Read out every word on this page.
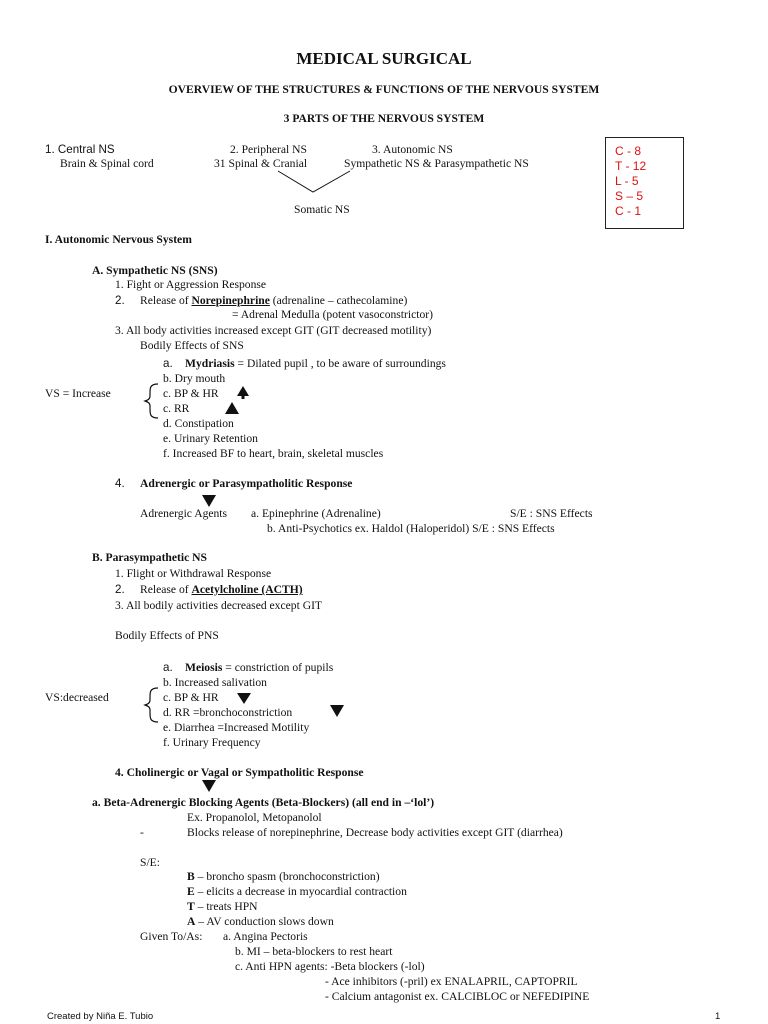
MEDICAL SURGICAL
OVERVIEW OF THE STRUCTURES & FUNCTIONS OF THE NERVOUS SYSTEM
3 PARTS OF THE NERVOUS SYSTEM
1. Central NS
Brain & Spinal cord
2. Peripheral NS
31 Spinal & Cranial
3. Autonomic NS
Sympathetic NS & Parasympathetic NS
Somatic NS
C - 8
T - 12
L - 5
S – 5
C - 1
I. Autonomic Nervous System
A. Sympathetic NS (SNS)
1. Fight or Aggression Response
2. Release of Norepinephrine (adrenaline – cathecolamine)
= Adrenal Medulla (potent vasoconstrictor)
3. All body activities increased except GIT (GIT decreased motility)
Bodily Effects of SNS
a. Mydriasis = Dilated pupil , to be aware of surroundings
b. Dry mouth
c. BP & HR
c. RR
d. Constipation
e. Urinary Retention
f. Increased BF to heart, brain, skeletal muscles
VS = Increase
4. Adrenergic or Parasympatholitic Response
Adrenergic Agents a. Epinephrine (Adrenaline)	S/E : SNS Effects
b. Anti-Psychotics ex. Haldol (Haloperidol) S/E : SNS Effects
B. Parasympathetic NS
1. Flight or Withdrawal Response
2. Release of Acetylcholine (ACTH)
3. All bodily activities decreased except GIT
Bodily Effects of PNS
a. Meiosis = constriction of pupils
b. Increased salivation
c. BP & HR
d. RR =bronchoconstriction
e. Diarrhea =Increased Motility
f. Urinary Frequency
VS:decreased
4. Cholinergic or Vagal or Sympatholitic Response
a. Beta-Adrenergic Blocking Agents (Beta-Blockers) (all end in –‘lol’)
Ex. Propanolol, Metopanolol
-	Blocks release of norepinephrine, Decrease body activities except GIT (diarrhea)
S/E:
B – broncho spasm (bronchoconstriction)
E – elicits a decrease in myocardial contraction
T – treats HPN
A – AV conduction slows down
Given To/As: a. Angina Pectoris
b. MI – beta-blockers to rest heart
c. Anti HPN agents: -Beta blockers (-lol)
- Ace inhibitors (-pril) ex ENALAPRIL, CAPTOPRIL
- Calcium antagonist ex. CALCIBLOC or NEFEDIPINE
Created by Niña E. Tubio	1
